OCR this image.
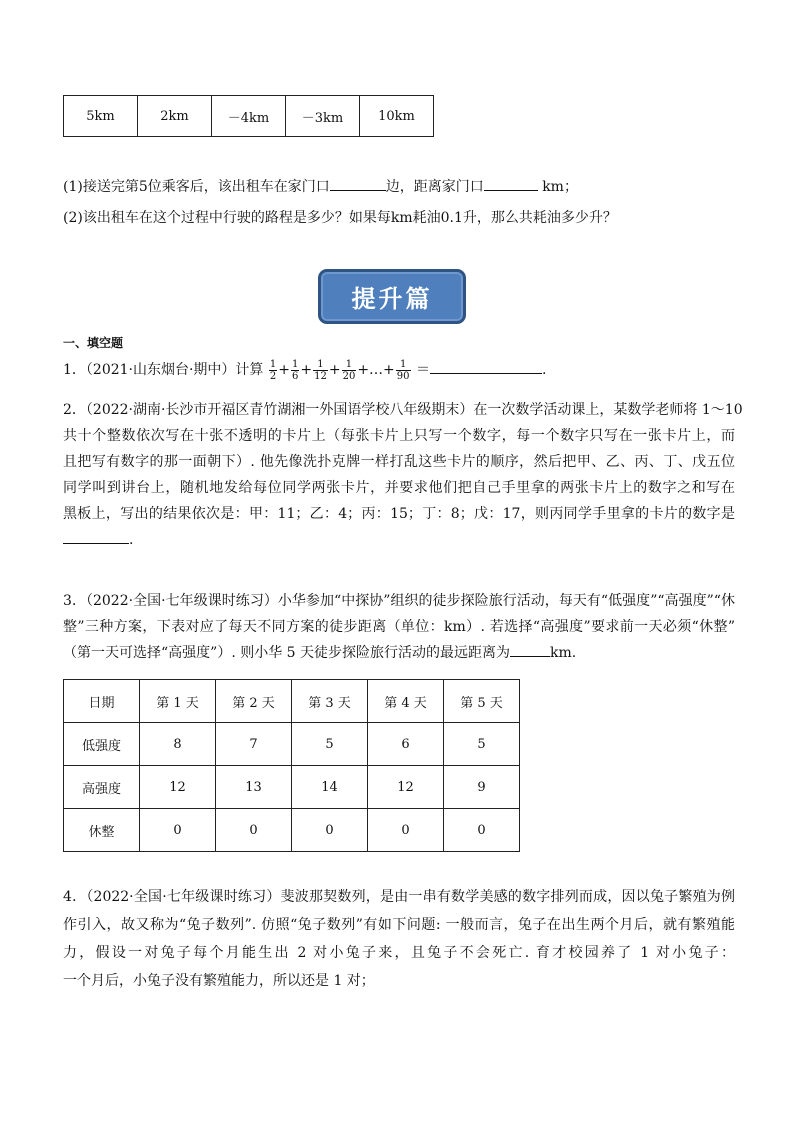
5km	2km	－4km	－3km	10km
(1)接送完第5位乘客后，该出租车在家门口	边，距离家门口	km；
(2)该出租车在这个过程中行驶的路程是多少？如果每km耗油0.1升，那么共耗油多少升？
提升篇
一、填空题
1．（2021·山东烟台·期中）计算 $\frac{1}{2} + \frac{1}{6} + \frac{1}{12} + \frac{1}{20}$ +…+ $\frac{1}{90}$ ＝	.
2．（2022·湖南·长沙市开福区青竹湖湘一外国语学校八年级期末）在一次数学活动课上，某数学老师将 1～10
共十个整数依次写在十张不透明的卡片上（每张卡片上只写一个数字，每一个数字只写在一张卡片上，而
且把写有数字的那一面朝下）. 他先像洗扑克牌一样打乱这些卡片的顺序，然后把甲、乙、丙、丁、戊五位
同学叫到讲台上，随机地发给每位同学两张卡片，并要求他们把自己手里拿的两张卡片上的数字之和写在
黑板上，写出的结果依次是：甲：11；乙：4；丙：15；丁：8；戊：17，则丙同学手里拿的卡片的数字是
.
3．（2022·全国·七年级课时练习）小华参加“中探协”组织的徒步探险旅行活动，每天有“低强度”“高强度”“休
整”三种方案，下表对应了每天不同方案的徒步距离（单位：km）. 若选择“高强度”要求前一天必须“休整”
（第一天可选择“高强度”）. 则小华 5 天徒步探险旅行活动的最远距离为	km.
日期	第 1 天	第 2 天	第 3 天	第 4 天	第 5 天
低强度	8	7	5	6	5
高强度	12	13	14	12	9
休整	0	0	0	0	0
4．（2022·全国·七年级课时练习）斐波那契数列，是由一串有数学美感的数字排列而成，因以兔子繁殖为例
作引入，故又称为“兔子数列”. 仿照“兔子数列”有如下问题: 一般而言，兔子在出生两个月后，就有繁殖能
力，假设一对兔子每个月能生出 2 对小兔子来，且兔子不会死亡. 育才校园养了 1 对小兔子：
一个月后，小兔子没有繁殖能力，所以还是 1 对；
